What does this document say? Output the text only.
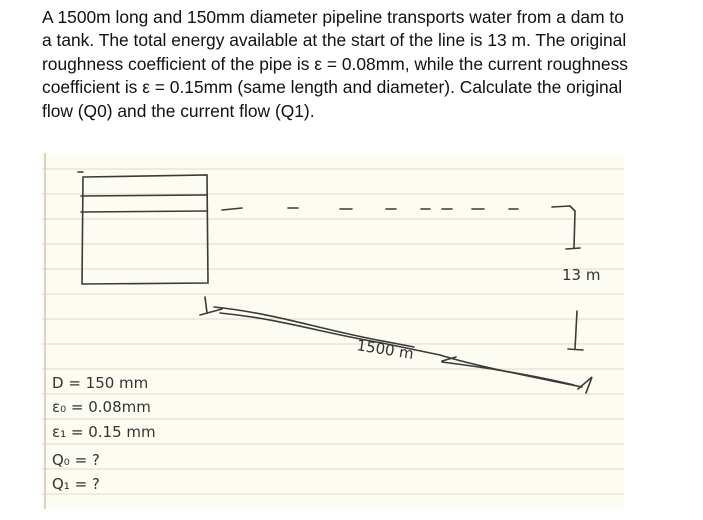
A 1500m long and 150mm diameter pipeline transports water from a dam to

a tank. The total energy available at the start of the line is 13 m. The original

roughness coefficient of the pipe is ε = 0.08mm, while the current roughness

coefficient is ε = 0.15mm (same length and diameter). Calculate the original

flow (Q0) and the current flow (Q1).

13 m
1500 m
D = 150 mm
ε₀ = 0.08mm
ε₁ = 0.15 mm
Q₀ = ?
Q₁ = ?
